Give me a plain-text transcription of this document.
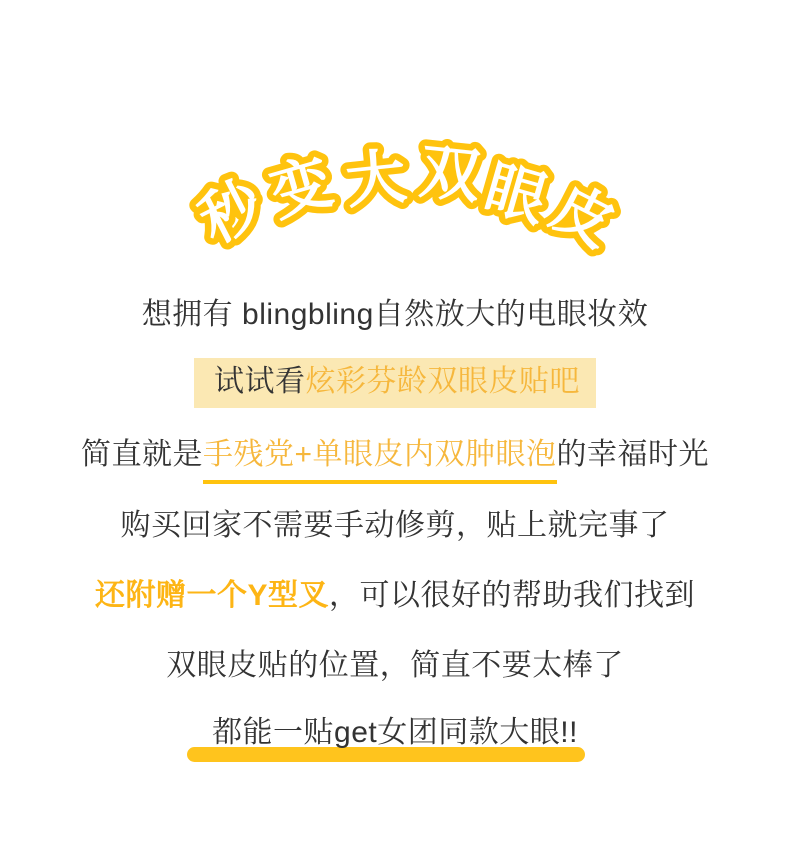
秒
变 大 双
眼
皮
想拥有 blingbling自然放大的电眼妆效
试试看炫彩芬龄双眼皮贴吧
简直就是手残党+单眼皮内双肿眼泡的幸福时光
购买回家不需要手动修剪，贴上就完事了
还附赠一个Y型叉，可以很好的帮助我们找到
双眼皮贴的位置，简直不要太棒了
都能一贴get女团同款大眼!!
